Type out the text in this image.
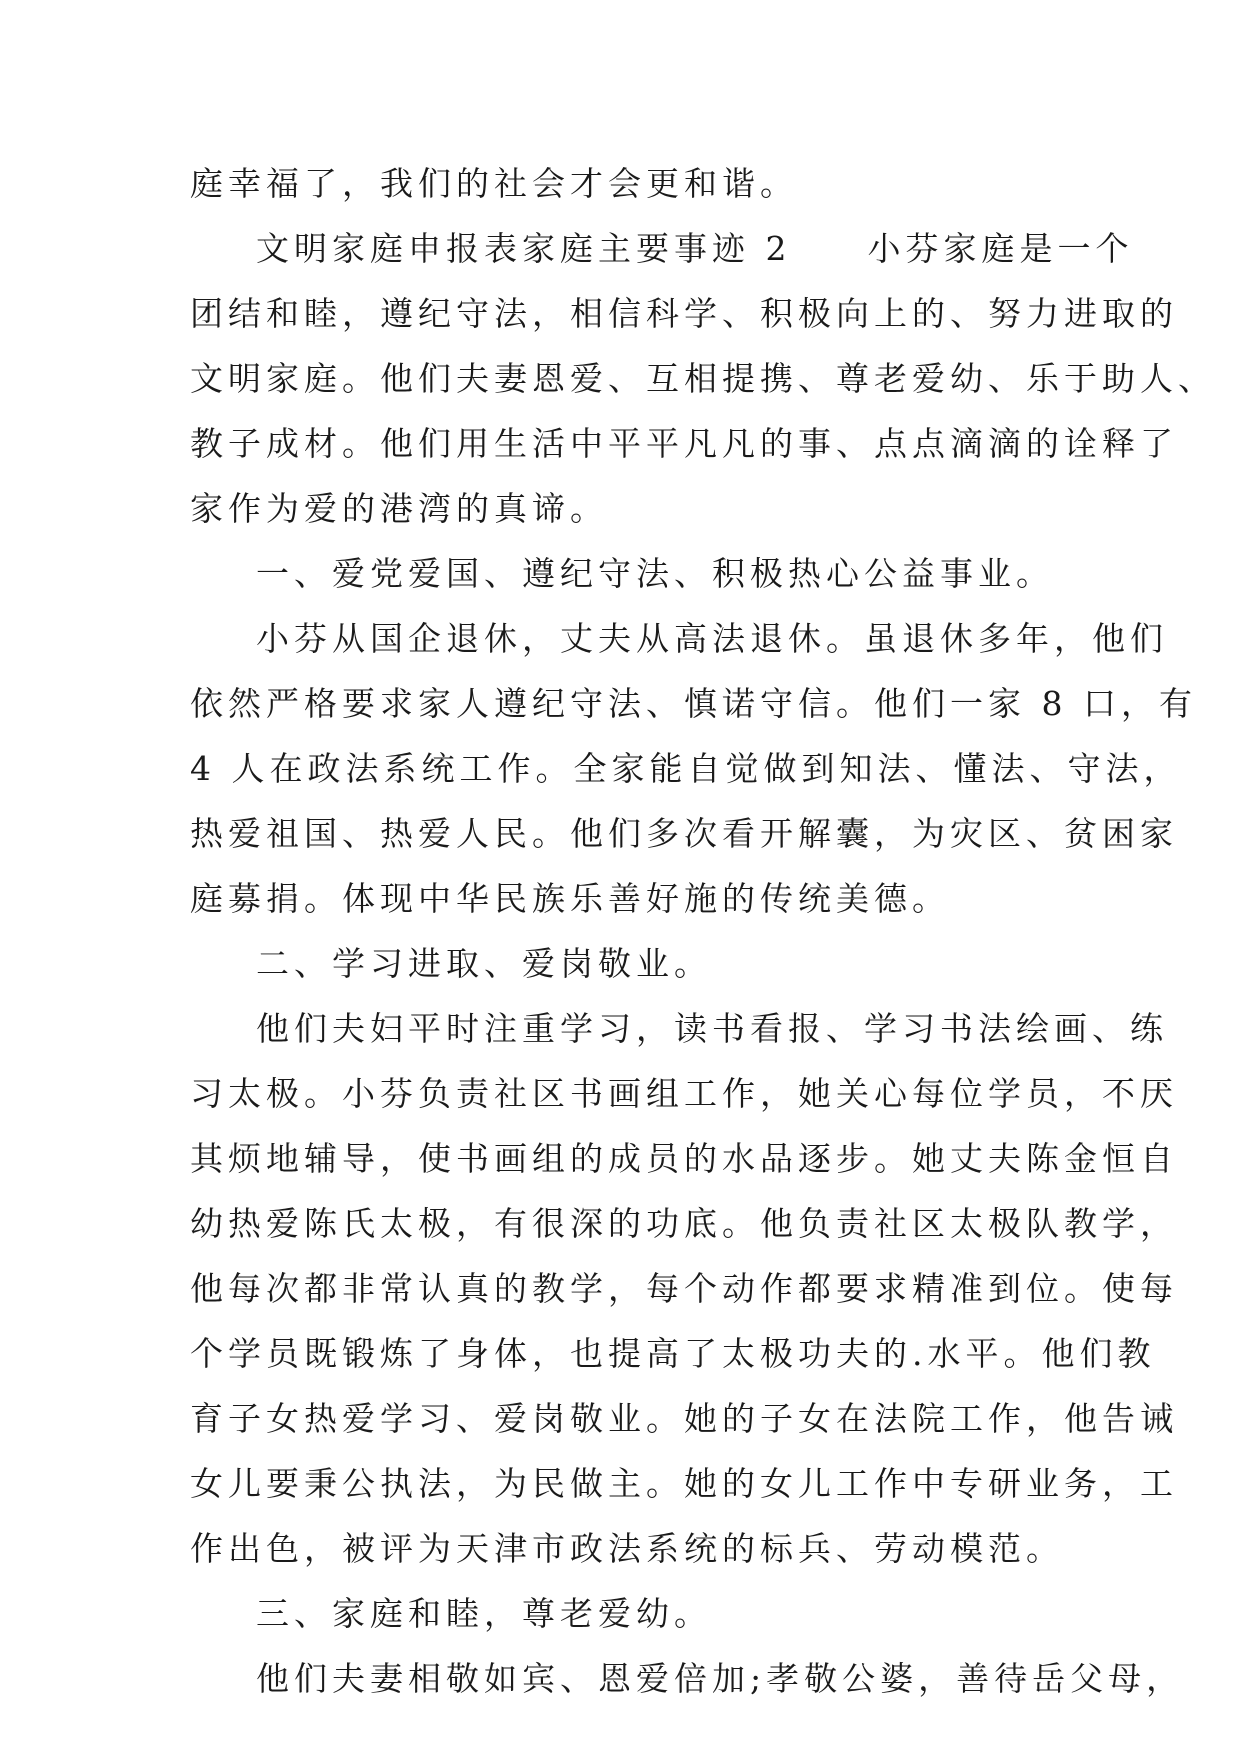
庭幸福了，我们的社会才会更和谐。
文明家庭申报表家庭主要事迹 2　　小芬家庭是一个
团结和睦，遵纪守法，相信科学、积极向上的、努力进取的
文明家庭。他们夫妻恩爱、互相提携、尊老爱幼、乐于助人、
教子成材。他们用生活中平平凡凡的事、点点滴滴的诠释了
家作为爱的港湾的真谛。
一、爱党爱国、遵纪守法、积极热心公益事业。
小芬从国企退休，丈夫从高法退休。虽退休多年，他们
依然严格要求家人遵纪守法、慎诺守信。他们一家 8 口，有
4 人在政法系统工作。全家能自觉做到知法、懂法、守法，
热爱祖国、热爱人民。他们多次看开解囊，为灾区、贫困家
庭募捐。体现中华民族乐善好施的传统美德。
二、学习进取、爱岗敬业。
他们夫妇平时注重学习，读书看报、学习书法绘画、练
习太极。小芬负责社区书画组工作，她关心每位学员，不厌
其烦地辅导，使书画组的成员的水品逐步。她丈夫陈金恒自
幼热爱陈氏太极，有很深的功底。他负责社区太极队教学，
他每次都非常认真的教学，每个动作都要求精准到位。使每
个学员既锻炼了身体，也提高了太极功夫的.水平。他们教
育子女热爱学习、爱岗敬业。她的子女在法院工作，他告诫
女儿要秉公执法，为民做主。她的女儿工作中专研业务，工
作出色，被评为天津市政法系统的标兵、劳动模范。
三、家庭和睦，尊老爱幼。
他们夫妻相敬如宾、恩爱倍加;孝敬公婆，善待岳父母，
